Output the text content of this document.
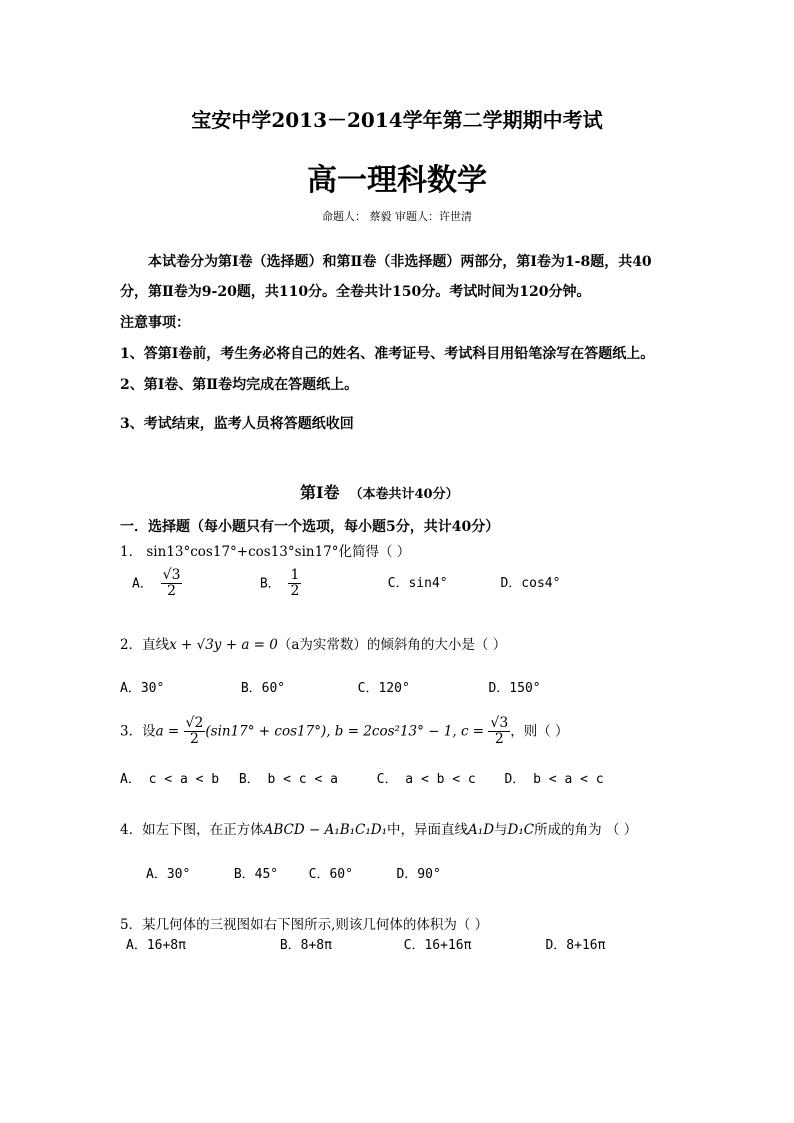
宝安中学2013－2014学年第二学期期中考试
高一理科数学
命题人： 蔡毅 审题人：许世清
本试卷分为第Ⅰ卷（选择题）和第Ⅱ卷（非选择题）两部分，第Ⅰ卷为1-8题，共40
分，第Ⅱ卷为9-20题，共110分。全卷共计150分。考试时间为120分钟。
注意事项：
1、答第Ⅰ卷前，考生务必将自己的姓名、准考证号、考试科目用铅笔涂写在答题纸上。
2、第Ⅰ卷、第Ⅱ卷均完成在答题纸上。
3、考试结束，监考人员将答题纸收回
第Ⅰ卷 （本卷共计40分）
一．选择题（每小题只有一个选项，每小题5分，共计40分）
1． sin13°cos17°+cos13°sin17°化简得（ ）
A． $\frac{√3}{2}$	B． $\frac{1}{2}$	C．sin4°	D．cos4°
2．直线x + √3y + a = 0（a为实常数）的倾斜角的大小是（ ）
A．30°	B．60°	C．120°	D．150°
3．设$a = \frac{√2}{2} (\sin 17^\circ + \cos 17^\circ)$, b = 2cos²13° − 1, $c = \frac{√3}{2}$ ，则（ ）
A． c < a < b B． b < c < a	C． a < b < c D． b < a < c
4．如左下图，在正方体ABCD − A₁B₁C₁D₁中，异面直线A₁D与D₁C所成的角为 （ ）
A．30°	B．45° C．60°	D．90°
5．某几何体的三视图如右下图所示,则该几何体的体积为（ ）
A．16+8π	B．8+8π	C．16+16π	D．8+16π
